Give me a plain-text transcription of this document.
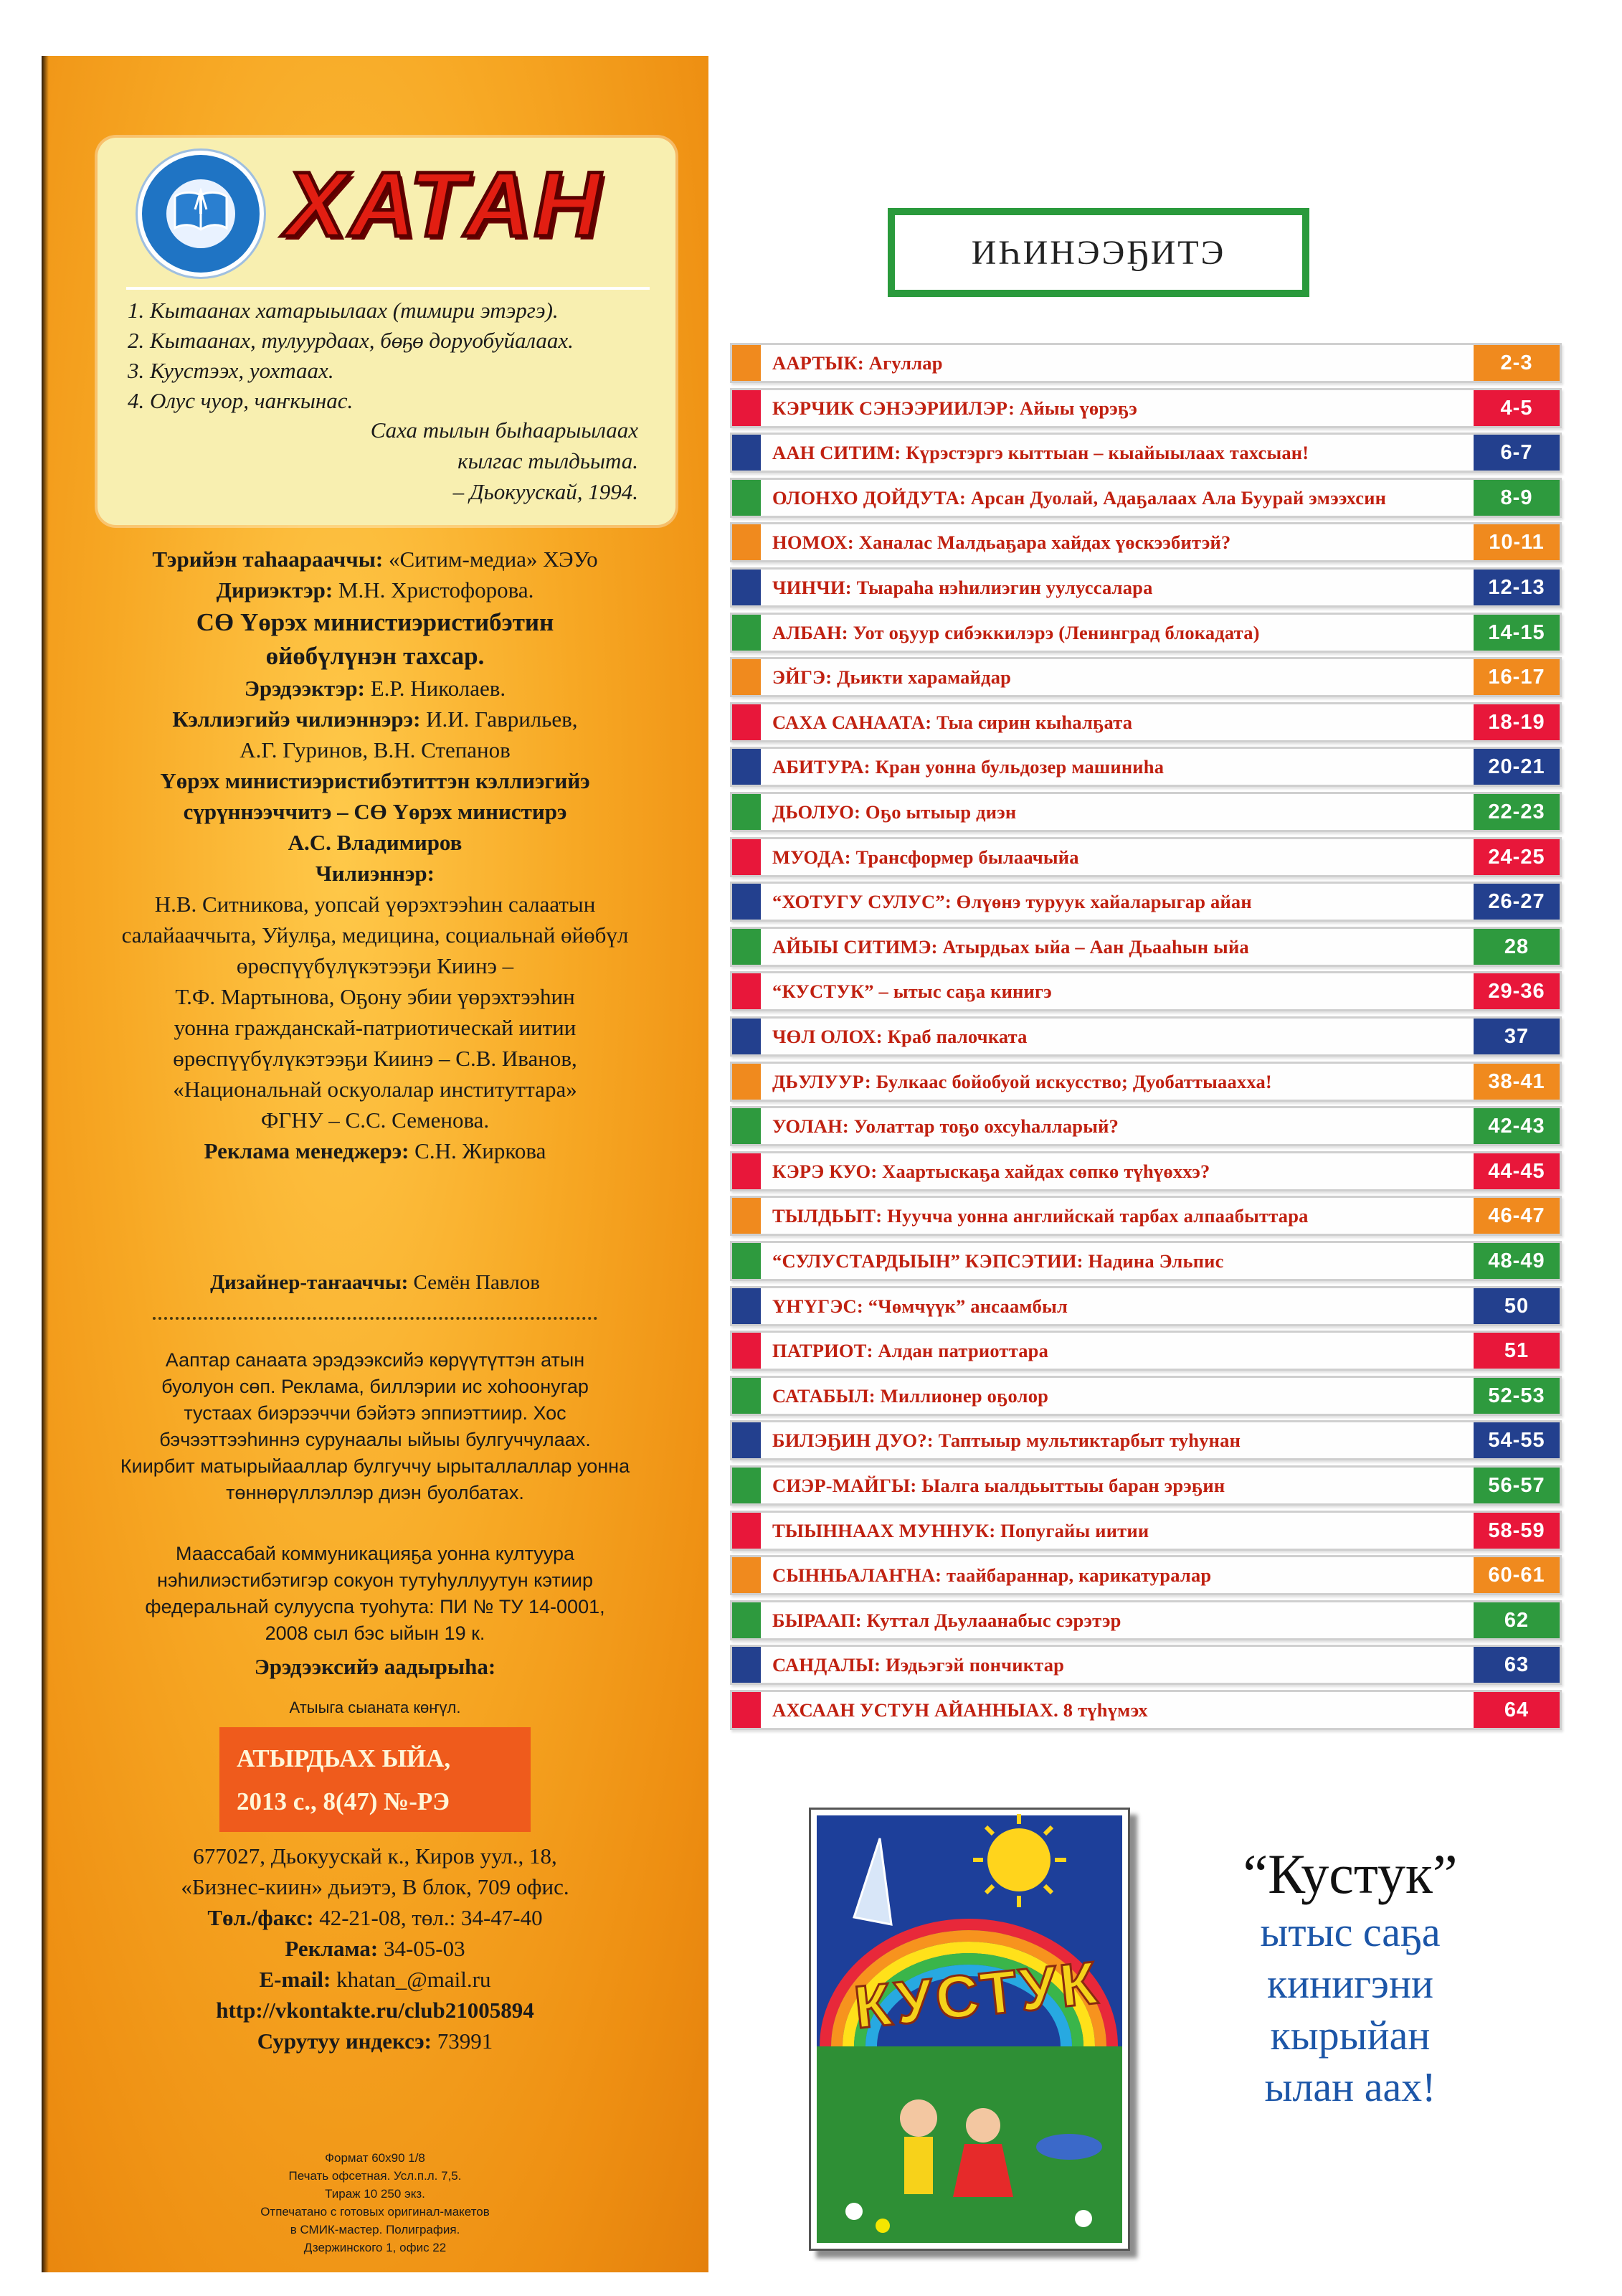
ХАТАН
1. Кытаанах хатарыылаах (тимири этэргэ).
2. Кытаанах, тулуурдаах, бөҕө доруобуйалаах.
3. Кууcтээх, уохтаах.
4. Олус чуор, чаҥкынас.
Саха тылын быһаарыылаах
кылгас тылдьыта.
– Дьокуускай, 1994.
Тэрийэн таһаарааччы: «Ситим-медиа» ХЭУо
Дириэктэр: М.Н. Христофорова.
СӨ Үөрэх министиэристибэтин
өйөбүлүнэн тахсар.
Эрэдээктэр: Е.Р. Николаев.
Кэллиэгийэ чилиэннэрэ: И.И. Гаврильев,
А.Г. Гуринов, В.Н. Степанов
Үөрэх министиэристибэтиттэн кэллиэгийэ
сүрүннээччитэ – СӨ Үөрэх министирэ
А.С. Владимиров
Чилиэннэр:
Н.В. Ситникова, уопсай үөрэхтээһин салаатын
салайааччыта, Уйулҕа, медицина, социальнай өйөбүл
өрөспүүбүлүкэтээҕи Киинэ –
Т.Ф. Мартынова, Оҕону эбии үөрэхтээһин
уонна гражданскай-патриотическай иитии
өрөспүүбүлүкэтээҕи Киинэ – С.В. Иванов,
«Национальнай оскуолалар институттара»
ФГНУ – С.С. Семенова.
Реклама менеджерэ: С.Н. Жиркова
Дизайнер-таҥааччы: Семён Павлов
Ааптар санаата эрэдээксийэ көрүүтүттэн атын
буолуон сөп. Реклама, биллэрии ис хоһоонугар
тустаах биэрээччи бэйэтэ эппиэттиир. Хос
бэчээттээһиннэ сурунаалы ыйыы булгуччулаах.
Киирбит матырыйааллар булгуччу ырыталлаллар уонна
төннөрүллэллэр диэн буолбатах.
Маассабай коммуникацияҕа уонна култуура
нэһилиэстибэтигэр сокуон тутуһуллуутун кэтиир
федеральнай сулууспа туоһута: ПИ № ТУ 14-0001,
2008 сыл бэс ыйын 19 к.
Эрэдээксийэ аадырыһа:
Атыыга сыаната көҥүл.
АТЫРДЬАХ ЫЙА,
2013 с., 8(47) №-РЭ
677027, Дьокуускай к., Киров уул., 18,
«Бизнес-киин» дьиэтэ, В блок, 709 офис.
Төл./факс: 42-21-08, төл.: 34-47-40
Реклама: 34-05-03
E-mail: khatan_@mail.ru
http://vkontakte.ru/club21005894
Сурутуу индексэ: 73991
Формат 60х90 1/8
Печать офсетная. Усл.п.л. 7,5.
Тираж 10 250 экз.
Отпечатано с готовых оригинал-макетов
в СМИК-мастер. Полиграфия.
Дзержинского 1, офис 22
ИҺИНЭЭҔИТЭ
ААРТЫК: Агуллар	2-3
КЭРЧИК СЭНЭЭРИИЛЭР: Айыы үөрэҕэ	4-5
ААН СИТИМ: Күрэстэргэ кыттыан – кыайыылаах тахсыан!	6-7
ОЛОНХО ДОЙДУТА: Арсан Дуолай, Адаҕалаах Ала Буурай эмээхсин	8-9
НОМОХ: Ханалас Малдьаҕара хайдах үөскээбитэй?	10-11
ЧИНЧИ: Тыараһа нэһилиэгин уулуссалара	12-13
АЛБАН: Уот оҕуур сибэккилэрэ (Ленинград блокадата)	14-15
ЭЙГЭ: Дьикти харамайдар	16-17
САХА САНААТА: Тыа сирин кыһалҕата	18-19
АБИТУРА: Кран уонна бульдозер машиниһа	20-21
ДЬОЛУО: Оҕо ытыыр диэн	22-23
МУОДА: Трансформер былаачыйа	24-25
“ХОТУГУ СУЛУС”: Өлүөнэ туруук хайаларыгар айан	26-27
АЙЫЫ СИТИМЭ: Атырдьах ыйа – Аан Дьааһын ыйа	28
“КУСТУК” – ытыс саҕа кинигэ	29-36
ЧӨЛ ОЛОХ: Краб палочката	37
ДЬУЛУУР: Булкаас бойобуой искусство; Дуобаттыаахха!	38-41
УОЛАН: Уолаттар тоҕо охсуһалларый?	42-43
КЭРЭ КУО: Хаартыскаҕа хайдах сөпкө түһүөххэ?	44-45
ТЫЛДЬЫТ: Нуучча уонна английскай тарбах алпаабыттара	46-47
“СУЛУСТАРДЫЫН” КЭПСЭТИИ: Надина Эльпис	48-49
ҮҤҮГЭС: “Чөмчүүк” ансаамбыл	50
ПАТРИОТ: Алдан патриоттара	51
САТАБЫЛ: Миллионер оҕолор	52-53
БИЛЭҔИН ДУО?: Таптыыр мультиктарбыт туһунан	54-55
СИЭР-МАЙГЫ: Ыалга ыалдьыттыы баран эрэҕин	56-57
ТЫЫННААХ МУННУК: Попугайы иитии	58-59
СЫННЬАЛАҤНА: таайбараннар, карикатуралар	60-61
БЫРААП: Куттал Дьулаанабыс сэрэтэр	62
САНДАЛЫ: Иэдьэгэй пончиктар	63
АХСААН УСТУН АЙАННЫАХ. 8 түһүмэх	64
КУСТУК
“Кустук”
ытыс саҕа
кинигэни
кырыйан
ылан аах!
